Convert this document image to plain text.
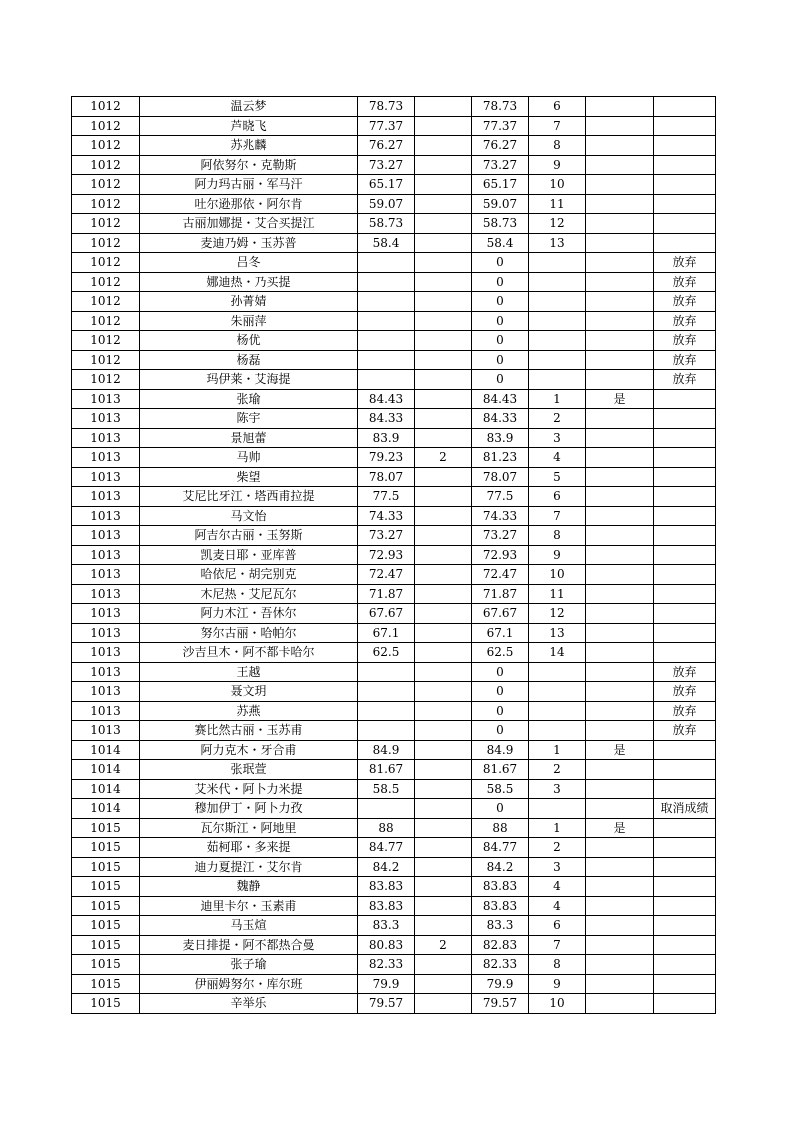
1012	温云梦	78.73		78.73	6		
1012	芦晓飞	77.37		77.37	7		
1012	苏兆麟	76.27		76.27	8		
1012	阿依努尔・克勒斯	73.27		73.27	9		
1012	阿力玛古丽・军马汗	65.17		65.17	10		
1012	吐尔逊那依・阿尔肯	59.07		59.07	11		
1012	古丽加娜提・艾合买提江	58.73		58.73	12		
1012	麦迪乃姆・玉苏普	58.4		58.4	13		
1012	吕冬			0			放弃
1012	娜迪热・乃买提			0			放弃
1012	孙菁婧			0			放弃
1012	朱丽萍			0			放弃
1012	杨优			0			放弃
1012	杨磊			0			放弃
1012	玛伊莱・艾海提			0			放弃
1013	张瑜	84.43		84.43	1	是	
1013	陈宇	84.33		84.33	2		
1013	景旭蕾	83.9		83.9	3		
1013	马帅	79.23	2	81.23	4		
1013	柴望	78.07		78.07	5		
1013	艾尼比牙江・塔西甫拉提	77.5		77.5	6		
1013	马文怡	74.33		74.33	7		
1013	阿吉尔古丽・玉努斯	73.27		73.27	8		
1013	凯麦日耶・亚库普	72.93		72.93	9		
1013	哈依尼・胡完别克	72.47		72.47	10		
1013	木尼热・艾尼瓦尔	71.87		71.87	11		
1013	阿力木江・吾休尔	67.67		67.67	12		
1013	努尔古丽・哈帕尔	67.1		67.1	13		
1013	沙吉旦木・阿不都卡哈尔	62.5		62.5	14		
1013	王越			0			放弃
1013	聂文玥			0			放弃
1013	苏燕			0			放弃
1013	赛比然古丽・玉苏甫			0			放弃
1014	阿力克木・牙合甫	84.9		84.9	1	是	
1014	张珉萱	81.67		81.67	2		
1014	艾米代・阿卜力米提	58.5		58.5	3		
1014	穆加伊丁・阿卜力孜			0			取消成绩
1015	瓦尔斯江・阿地里	88		88	1	是	
1015	茹柯耶・多来提	84.77		84.77	2		
1015	迪力夏提江・艾尔肯	84.2		84.2	3		
1015	魏静	83.83		83.83	4		
1015	迪里卡尔・玉素甫	83.83		83.83	4		
1015	马玉煊	83.3		83.3	6		
1015	麦日排提・阿不都热合曼	80.83	2	82.83	7		
1015	张子瑜	82.33		82.33	8		
1015	伊丽姆努尔・库尔班	79.9		79.9	9		
1015	辛举乐	79.57		79.57	10		
